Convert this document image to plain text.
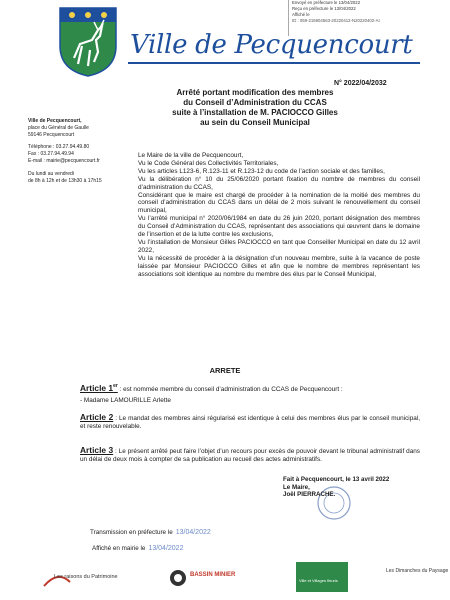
Envoyé en préfecture le 13/04/2022
Reçu en préfecture le 13/04/2022
Affiché le
ID : 059-215904563-20220412-N20220402-AI
Ville de Pecquencourt
N° 2022/04/2032
Arrêté portant modification des membres
du Conseil d’Administration du CCAS
suite à l’installation de M. PACIOCCO Gilles
au sein du Conseil Municipal
Ville de Pecquencourt,
place du Général de Gaulle
59146 Pecquencourt
Téléphone : 03.27.94.49.80
Fax : 03.27.94.49.94
E-mail : mairie@pecquencourt.fr
Du lundi au vendredi
de 8h à 12h et de 13h30 à 17h15

Le Maire de la ville de Pecquencourt,

Vu le Code Général des Collectivités Territoriales,

Vu les articles L123-6, R.123-11 et R.123-12 du code de l’action sociale et des familles,

Vu la délibération n° 10 du 25/06/2020 portant fixation du nombre de membres du conseil d’administration du CCAS,

Considérant que le maire est chargé de procéder à la nomination de la moitié des membres du conseil d’administration du CCAS dans un délai de 2 mois suivant le renouvellement du conseil municipal,

Vu l’arrêté municipal n° 2020/06/1984 en date du 26 juin 2020, portant désignation des membres du Conseil d’Administration du CCAS, représentant des associations qui œuvrent dans le domaine de l’insertion et de la lutte contre les exclusions,

Vu l’installation de Monsieur Gilles PACIOCCO en tant que Conseiller Municipal en date du 12 avril 2022,

Vu la nécessité de procéder à la désignation d’un nouveau membre, suite à la vacance de poste laissée par Monsieur PACIOCCO Gilles et afin que le nombre de membres représentant les associations soit identique au nombre du membre des élus par le Conseil Municipal,

ARRETE
Article 1er : est nommée membre du conseil d’administration du CCAS de Pecquencourt :
- Madame LAMOURILLE Arlette
Article 2 : Le mandat des membres ainsi régularisé est identique à celui des membres élus par le conseil municipal, et reste renouvelable.
Article 3 : Le présent arrêté peut faire l’objet d’un recours pour excès de pouvoir devant le tribunal administratif dans un délai de deux mois à compter de sa publication au recueil des actes administratifs.
Fait à Pecquencourt, le 13 avril 2022
Le Maire,
Joël PIERRACHE.
Transmission en préfecture le 13/04/2022
Affiché en mairie le 13/04/2022
Les raisons du Patrimoine	BASSIN MINIER
Ville et Villages fleuris
Les Dimanches du Paysage
